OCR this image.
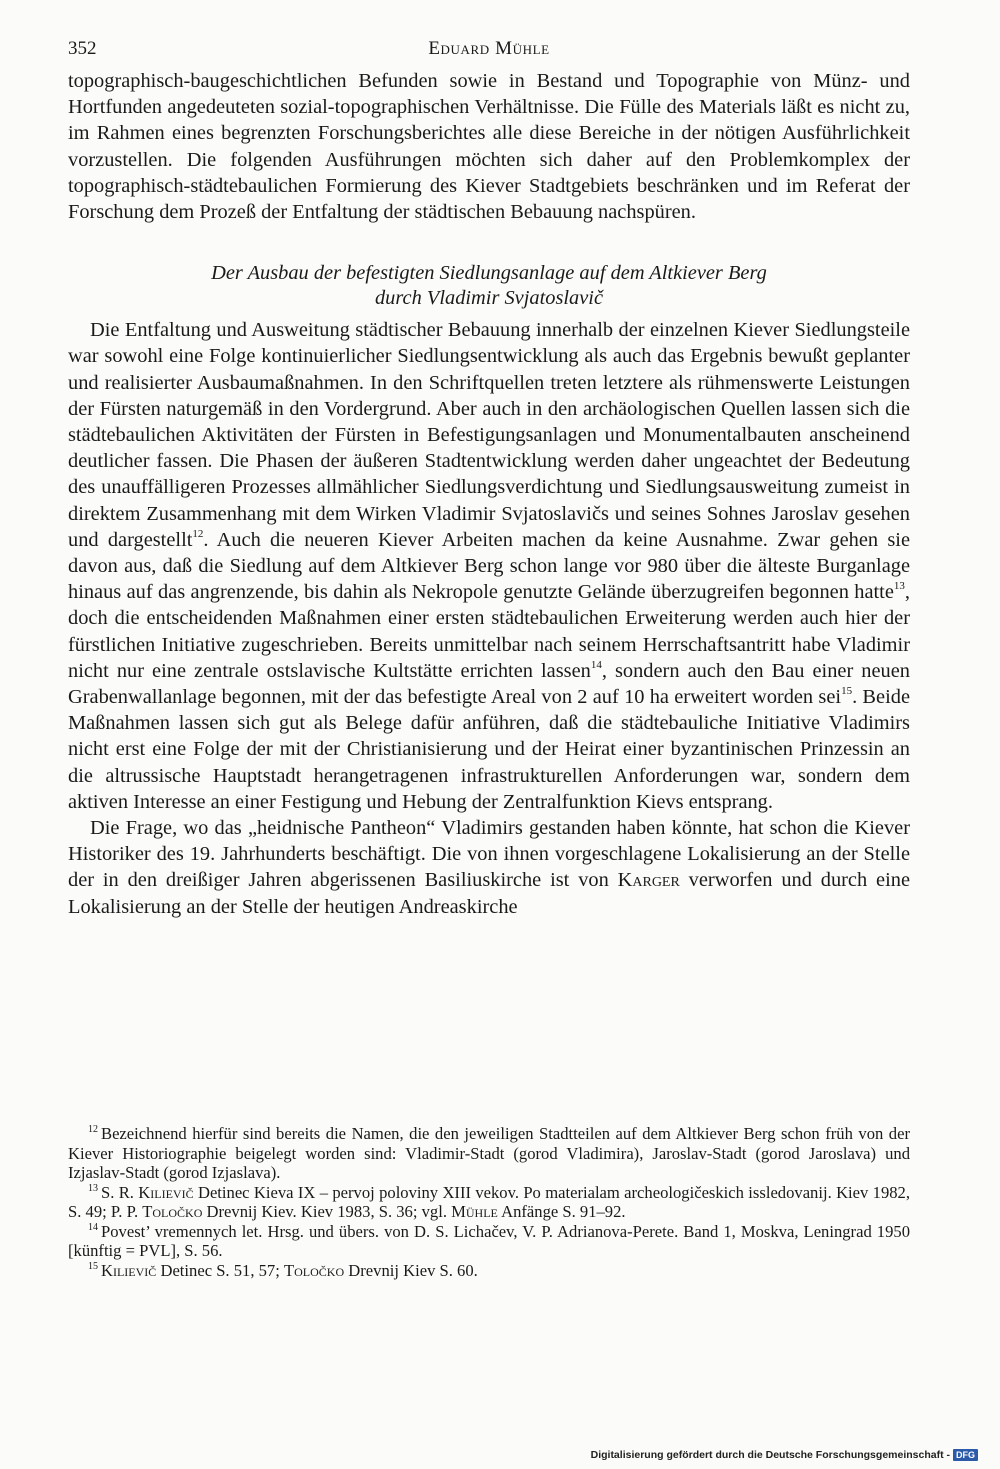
352	Eduard Mühle

topographisch-baugeschichtlichen Befunden sowie in Bestand und Topographie von Münz- und Hortfunden angedeuteten sozial-topographischen Verhältnisse. Die Fülle des Materials läßt es nicht zu, im Rahmen eines begrenzten Forschungsberichtes alle diese Bereiche in der nötigen Ausführlichkeit vorzustellen. Die folgenden Ausführungen möchten sich daher auf den Problemkomplex der topographisch-städtebaulichen Formierung des Kiever Stadtgebiets beschränken und im Referat der Forschung dem Prozeß der Entfaltung der städtischen Bebauung nachspüren.

Der Ausbau der befestigten Siedlungsanlage auf dem Altkiever Berg
durch Vladimir Svjatoslavič

Die Entfaltung und Ausweitung städtischer Bebauung innerhalb der einzelnen Kiever Siedlungsteile war sowohl eine Folge kontinuierlicher Siedlungsentwicklung als auch das Ergebnis bewußt geplanter und realisierter Ausbaumaßnahmen. In den Schriftquellen treten letztere als rühmenswerte Leistungen der Fürsten naturgemäß in den Vordergrund. Aber auch in den archäologischen Quellen lassen sich die städtebaulichen Aktivitäten der Fürsten in Befestigungsanlagen und Monumentalbauten anscheinend deutlicher fassen. Die Phasen der äußeren Stadtentwicklung werden daher ungeachtet der Bedeutung des unauffälligeren Prozesses allmählicher Siedlungsverdichtung und Siedlungsausweitung zumeist in direktem Zusammenhang mit dem Wirken Vladimir Svjatoslavičs und seines Sohnes Jaroslav gesehen und dargestellt$^{12}$. Auch die neueren Kiever Arbeiten machen da keine Ausnahme. Zwar gehen sie davon aus, daß die Siedlung auf dem Altkiever Berg schon lange vor 980 über die älteste Burganlage hinaus auf das angrenzende, bis dahin als Nekropole genutzte Gelände überzugreifen begonnen hatte$^{13}$, doch die entscheidenden Maßnahmen einer ersten städtebaulichen Erweiterung werden auch hier der fürstlichen Initiative zugeschrieben. Bereits unmittelbar nach seinem Herrschaftsantritt habe Vladimir nicht nur eine zentrale ostslavische Kultstätte errichten lassen$^{14}$, sondern auch den Bau einer neuen Grabenwallanlage begonnen, mit der das befestigte Areal von 2 auf 10 ha erweitert worden sei$^{15}$. Beide Maßnahmen lassen sich gut als Belege dafür anführen, daß die städtebauliche Initiative Vladimirs nicht erst eine Folge der mit der Christianisierung und der Heirat einer byzantinischen Prinzessin an die altrussische Hauptstadt herangetragenen infrastrukturellen Anforderungen war, sondern dem aktiven Interesse an einer Festigung und Hebung der Zentralfunktion Kievs entsprang.

Die Frage, wo das „heidnische Pantheon“ Vladimirs gestanden haben könnte, hat schon die Kiever Historiker des 19. Jahrhunderts beschäftigt. Die von ihnen vorgeschlagene Lokalisierung an der Stelle der in den dreißiger Jahren abgerissenen Basiliuskirche ist von Karger verworfen und durch eine Lokalisierung an der Stelle der heutigen Andreaskirche

$^{12}$ Bezeichnend hierfür sind bereits die Namen, die den jeweiligen Stadtteilen auf dem Altkiever Berg schon früh von der Kiever Historiographie beigelegt worden sind: Vladimir-Stadt (gorod Vladimira), Jaroslav-Stadt (gorod Jaroslava) und Izjaslav-Stadt (gorod Izjaslava).

$^{13}$ S. R. Kilievič Detinec Kieva IX – pervoj poloviny XIII vekov. Po materialam archeologičeskich issledovanij. Kiev 1982, S. 49; P. P. Toločko Drevnij Kiev. Kiev 1983, S. 36; vgl. Mühle Anfänge S. 91–92.

$^{14}$ Povest’ vremennych let. Hrsg. und übers. von D. S. Lichačev, V. P. Adrianova-Perete. Band 1, Moskva, Leningrad 1950 [künftig = PVL], S. 56.

$^{15}$ Kilievič Detinec S. 51, 57; Toločko Drevnij Kiev S. 60.

Digitalisierung gefördert durch die Deutsche Forschungsgemeinschaft - DFG
